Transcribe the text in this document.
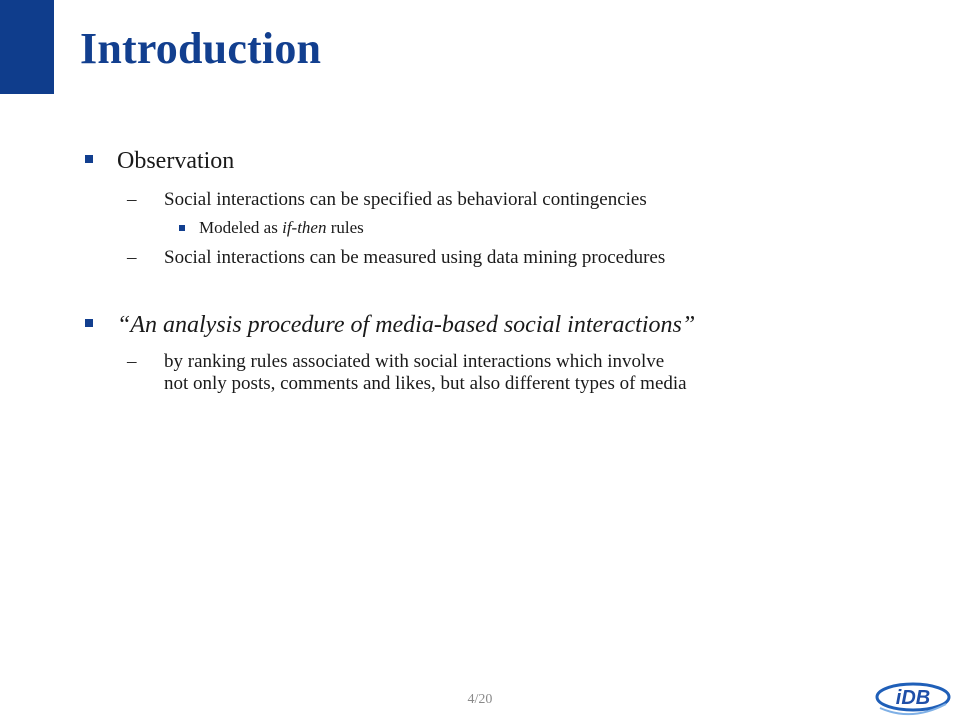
Introduction
Observation
– Social interactions can be specified as behavioral contingencies
Modeled as if-then rules
– Social interactions can be measured using data mining procedures
“An analysis procedure of media-based social interactions”
– by ranking rules associated with social interactions which involve
not only posts, comments and likes, but also different types of media
4/20	iDB
